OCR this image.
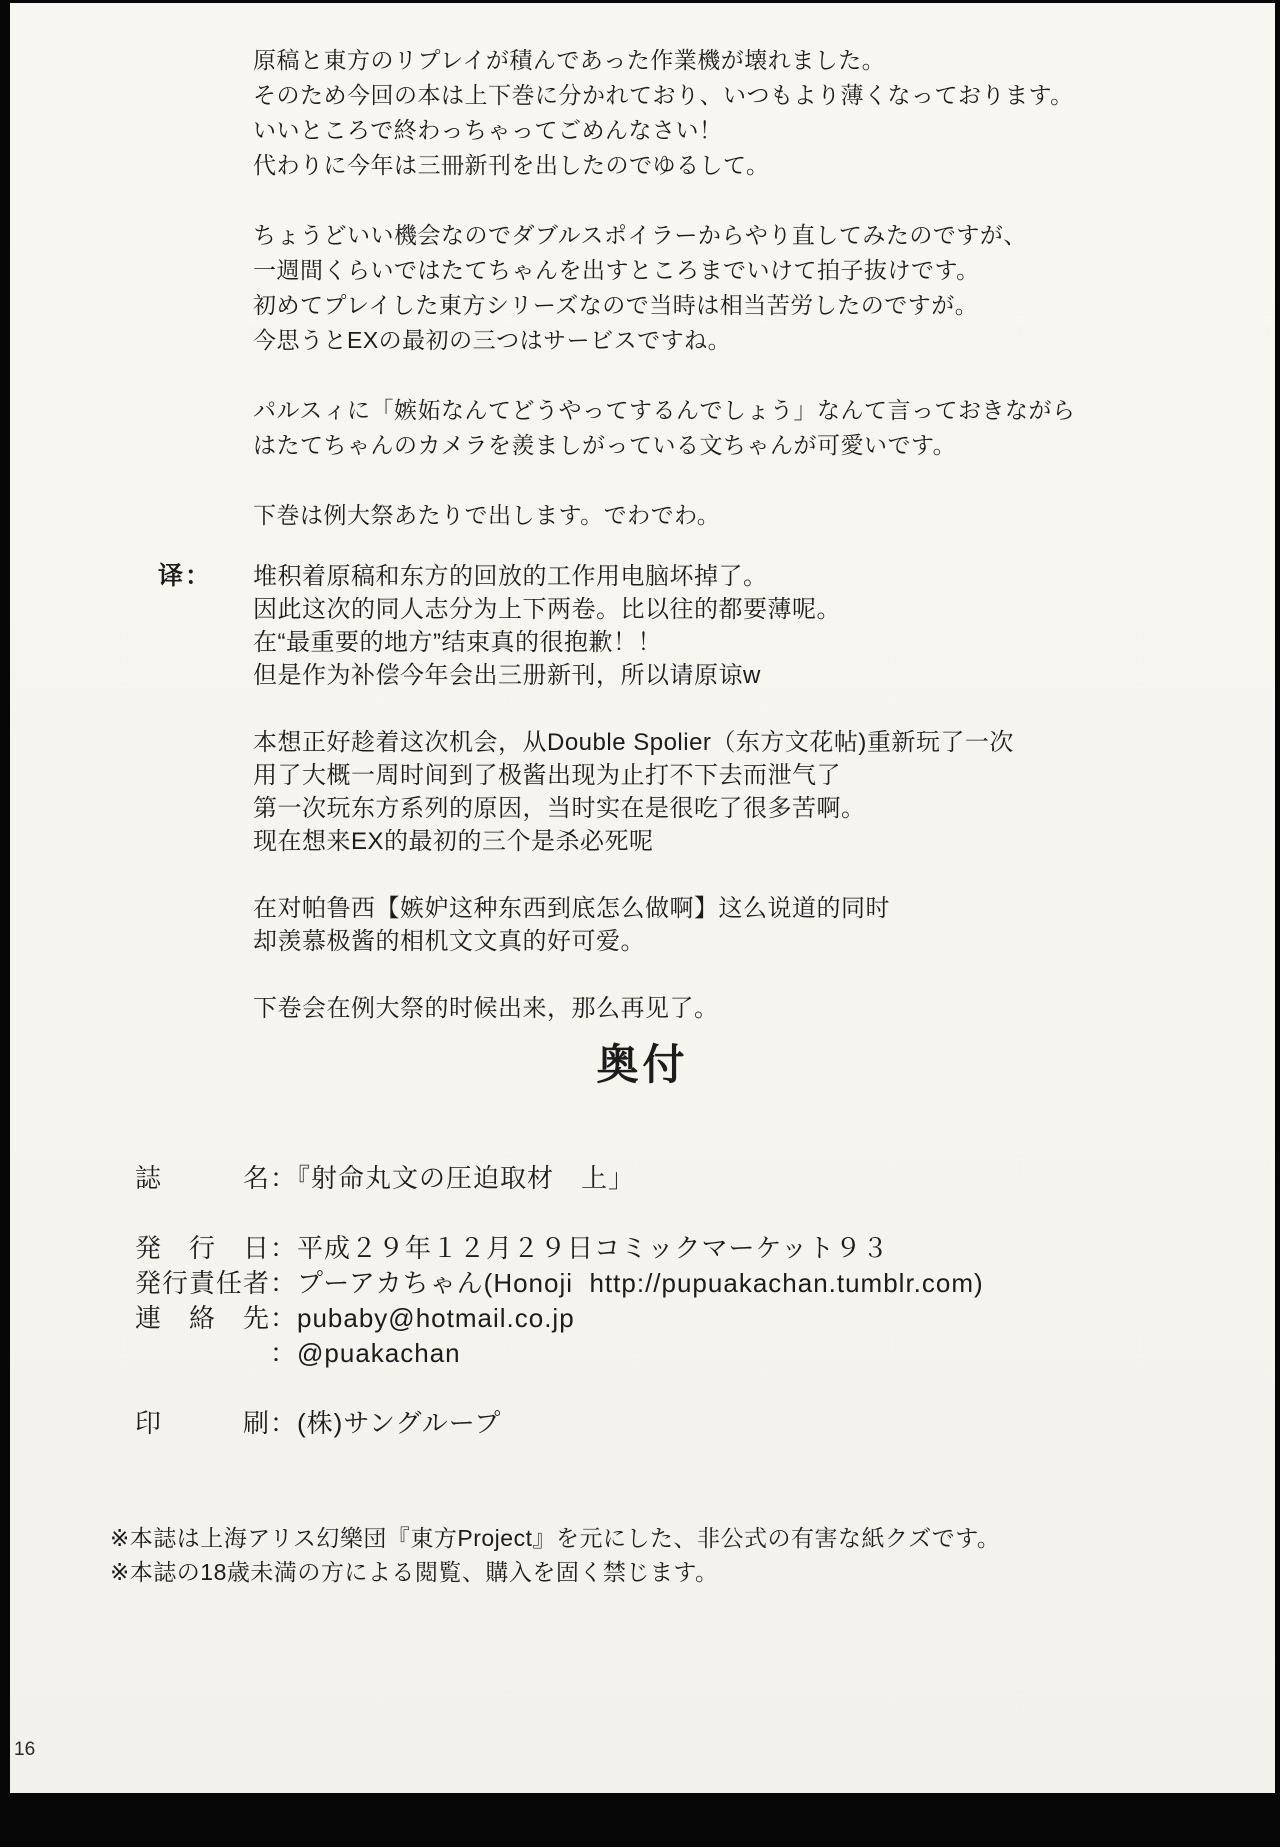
原稿と東方のリプレイが積んであった作業機が壊れました。
そのため今回の本は上下巻に分かれており、いつもより薄くなっております。
いいところで終わっちゃってごめんなさい！
代わりに今年は三冊新刊を出したのでゆるして。
ちょうどいい機会なのでダブルスポイラーからやり直してみたのですが、
一週間くらいではたてちゃんを出すところまでいけて拍子抜けです。
初めてプレイした東方シリーズなので当時は相当苦労したのですが。
今思うとEXの最初の三つはサービスですね。
パルスィに「嫉妬なんてどうやってするんでしょう」なんて言っておきながら
はたてちゃんのカメラを羨ましがっている文ちゃんが可愛いです。
下巻は例大祭あたりで出します。でわでわ。
译：	堆积着原稿和东方的回放的工作用电脑坏掉了。
因此这次的同人志分为上下两卷。比以往的都要薄呢。
在“最重要的地方”结束真的很抱歉！！
但是作为补偿今年会出三册新刊，所以请原谅w
本想正好趁着这次机会，从Double Spolier（东方文花帖)重新玩了一次
用了大概一周时间到了极酱出现为止打不下去而泄气了
第一次玩东方系列的原因，当时实在是很吃了很多苦啊。
现在想来EX的最初的三个是杀必死呢
在对帕鲁西【嫉妒这种东西到底怎么做啊】这么说道的同时
却羡慕极酱的相机文文真的好可爱。
下卷会在例大祭的时候出来，那么再见了。
奥付
誌　　　名：『射命丸文の圧迫取材　上」
発　行　日：平成２９年１２月２９日コミックマーケット９３
発行責任者：プーアカちゃん(Honoji  http://pupuakachan.tumblr.com)
連　絡　先：pubaby@hotmail.co.jp
　　　　　：@puakachan
印　　　刷：(株)サングループ
※本誌は上海アリス幻樂団『東方Project』を元にした、非公式の有害な紙クズです。
※本誌の18歳未満の方による閲覧、購入を固く禁じます。
16
